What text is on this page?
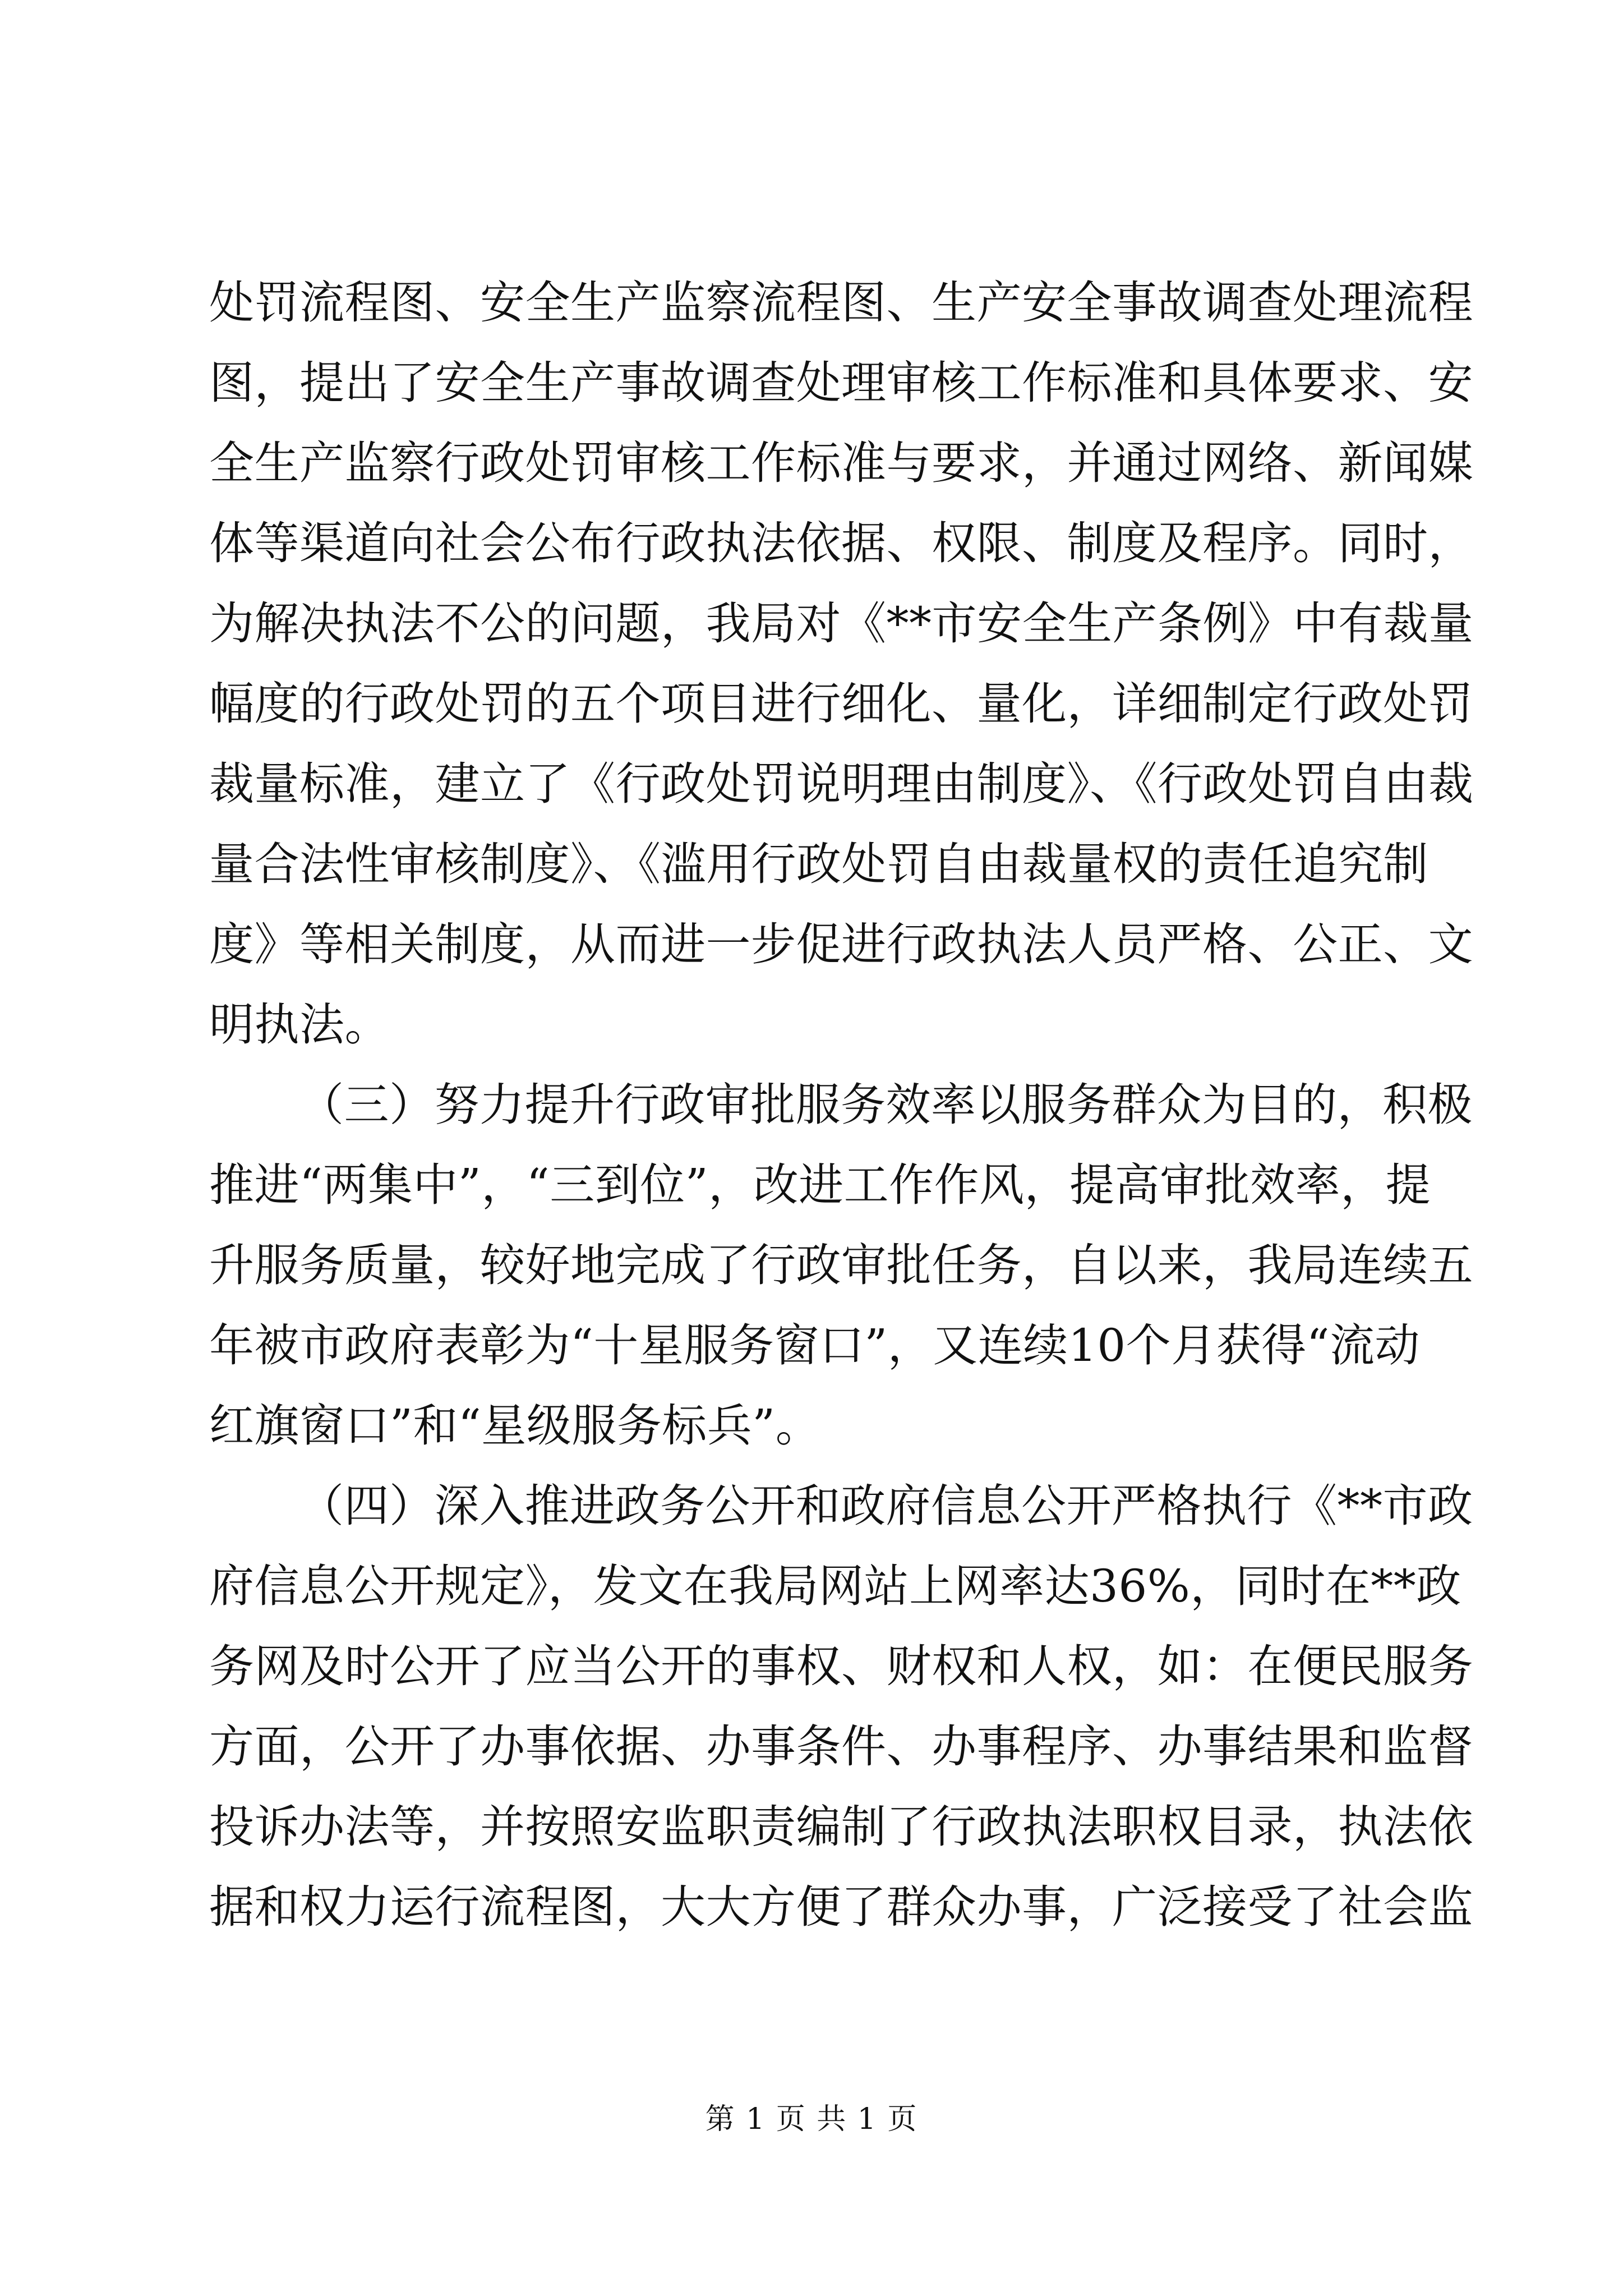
处罚流程图、安全生产监察流程图、生产安全事故调查处理流程
图，提出了安全生产事故调查处理审核工作标准和具体要求、安
全生产监察行政处罚审核工作标准与要求，并通过网络、新闻媒
体等渠道向社会公布行政执法依据、权限、制度及程序。同时，
为解决执法不公的问题，我局对《**市安全生产条例》中有裁量
幅度的行政处罚的五个项目进行细化、量化，详细制定行政处罚
裁量标准，建立了《行政处罚说明理由制度》、《行政处罚自由裁
量合法性审核制度》、《滥用行政处罚自由裁量权的责任追究制
度》等相关制度，从而进一步促进行政执法人员严格、公正、文
明执法。
（三）努力提升行政审批服务效率以服务群众为目的，积极
推进“两集中”，“三到位”，改进工作作风，提高审批效率，提
升服务质量，较好地完成了行政审批任务，自以来，我局连续五
年被市政府表彰为“十星服务窗口”，又连续10个月获得“流动
红旗窗口”和“星级服务标兵”。
（四）深入推进政务公开和政府信息公开严格执行《**市政
府信息公开规定》，发文在我局网站上网率达36%，同时在**政
务网及时公开了应当公开的事权、财权和人权，如：在便民服务
方面，公开了办事依据、办事条件、办事程序、办事结果和监督
投诉办法等，并按照安监职责编制了行政执法职权目录，执法依
据和权力运行流程图，大大方便了群众办事，广泛接受了社会监
第 1 页 共 1 页
